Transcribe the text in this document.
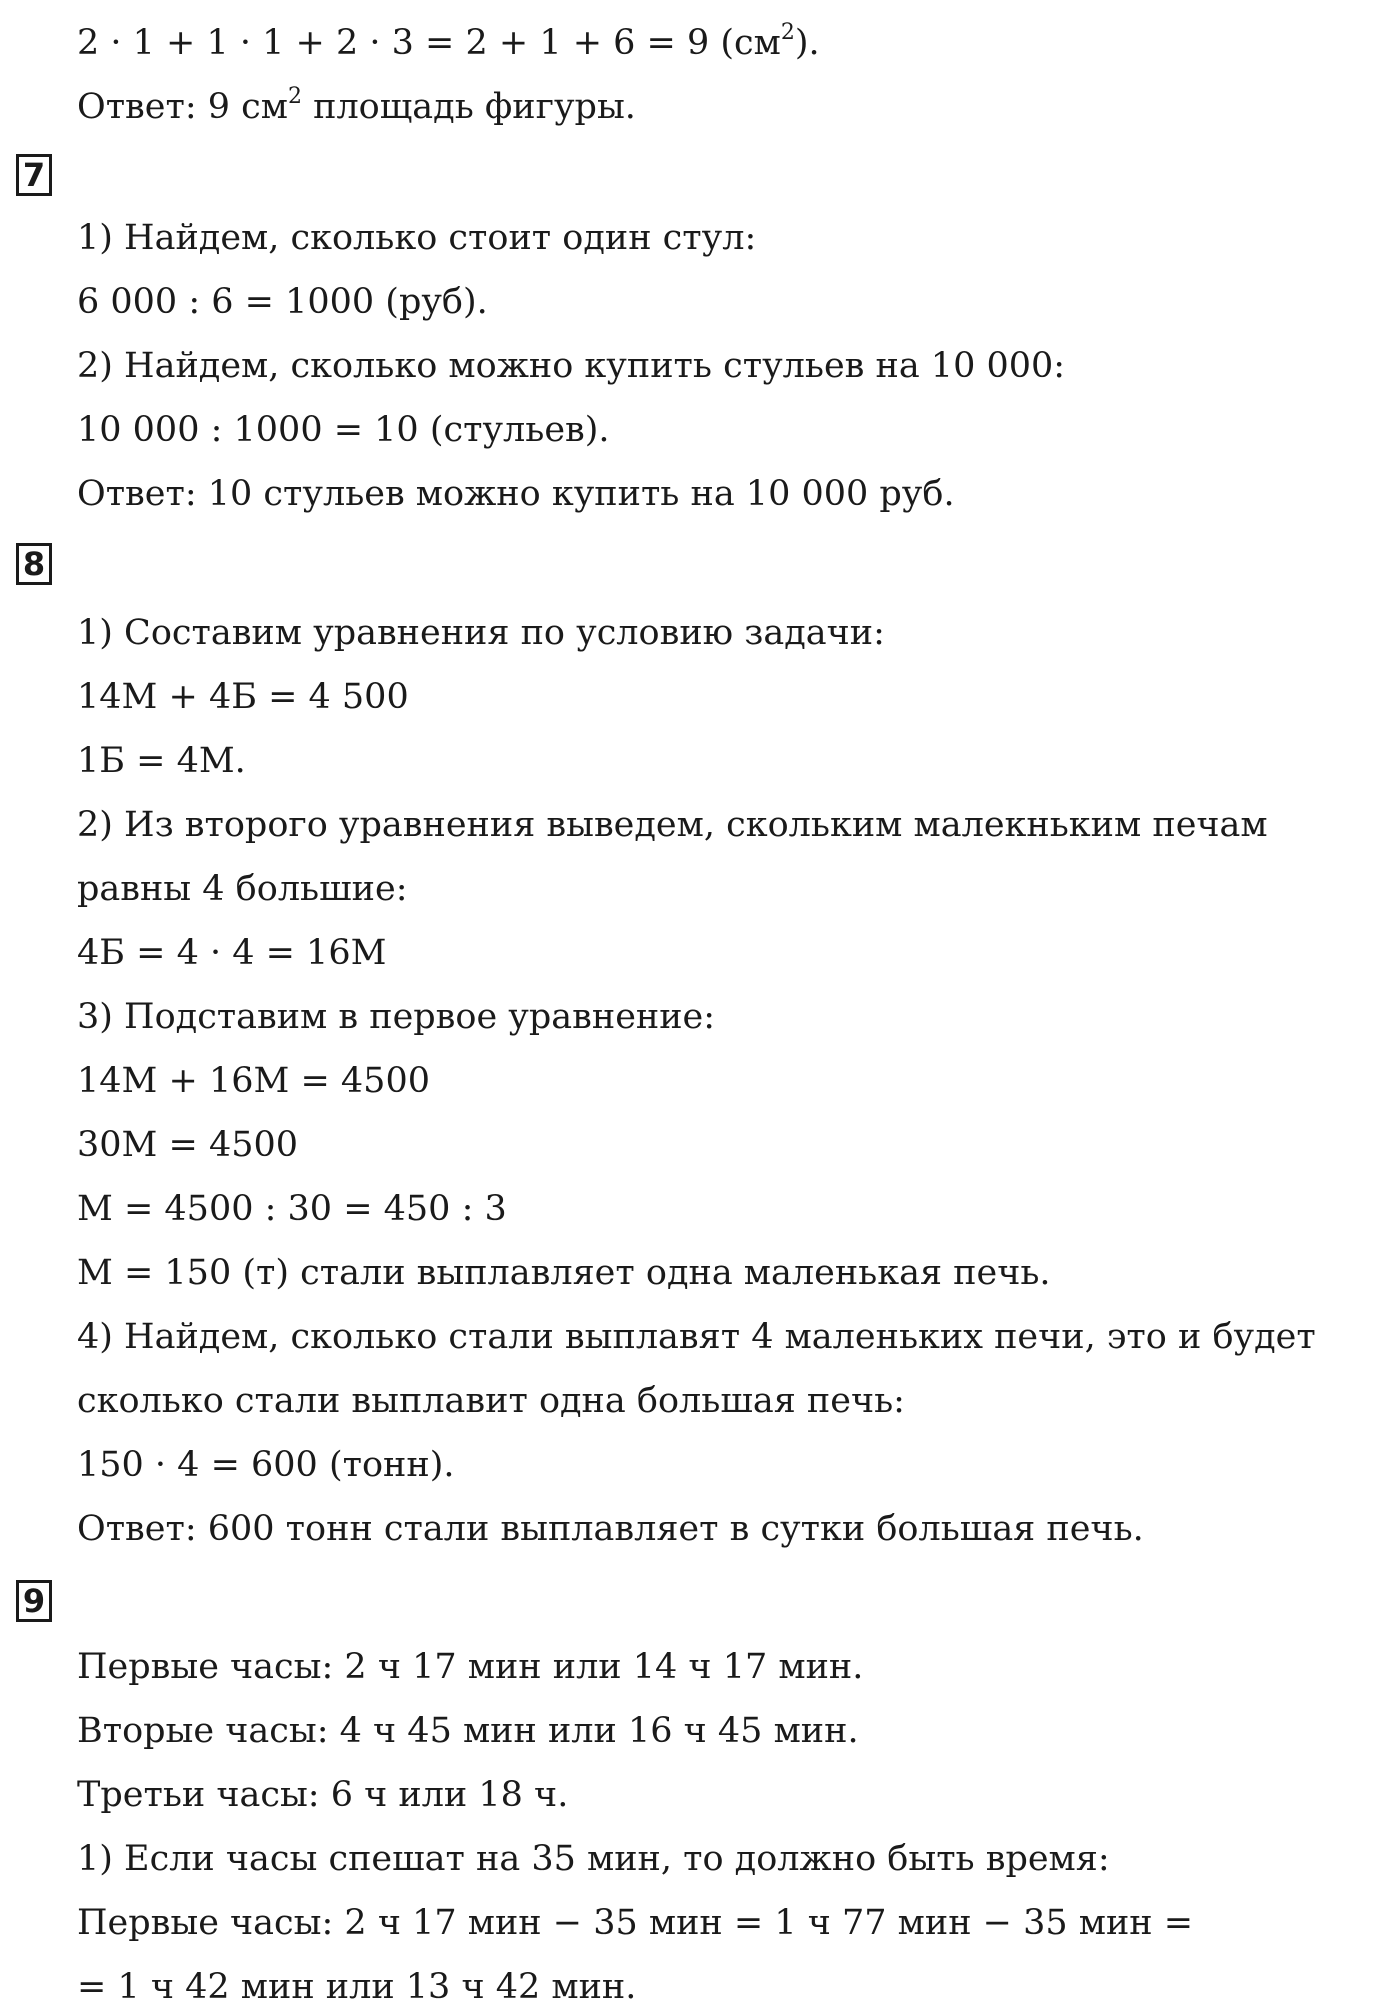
2 · 1 + 1 · 1 + 2 · 3 = 2 + 1 + 6 = 9 $(см^2)$.
Ответ: 9 $см^2$ площадь фигуры.
7
1) Найдем, сколько стоит один стул:
6 000 : 6 = 1000 (руб).
2) Найдем, сколько можно купить стульев на 10 000:
10 000 : 1000 = 10 (стульев).
Ответ: 10 стульев можно купить на 10 000 руб.
8
1) Составим уравнения по условию задачи:
14М + 4Б = 4 500
1Б = 4М.
2) Из второго уравнения выведем, скольким малекньким печам
равны 4 большие:
4Б = 4 · 4 = 16М
3) Подставим в первое уравнение:
14М + 16М = 4500
30М = 4500
М = 4500 : 30 = 450 : 3
М = 150 (т) стали выплавляет одна маленькая печь.
4) Найдем, сколько стали выплавят 4 маленьких печи, это и будет
сколько стали выплавит одна большая печь:
150 · 4 = 600 (тонн).
Ответ: 600 тонн стали выплавляет в сутки большая печь.
9
Первые часы: 2 ч 17 мин или 14 ч 17 мин.
Вторые часы: 4 ч 45 мин или 16 ч 45 мин.
Третьи часы: 6 ч или 18 ч.
1) Если часы спешат на 35 мин, то должно быть время:
Первые часы: 2 ч 17 мин − 35 мин = 1 ч 77 мин − 35 мин =
= 1 ч 42 мин или 13 ч 42 мин.
